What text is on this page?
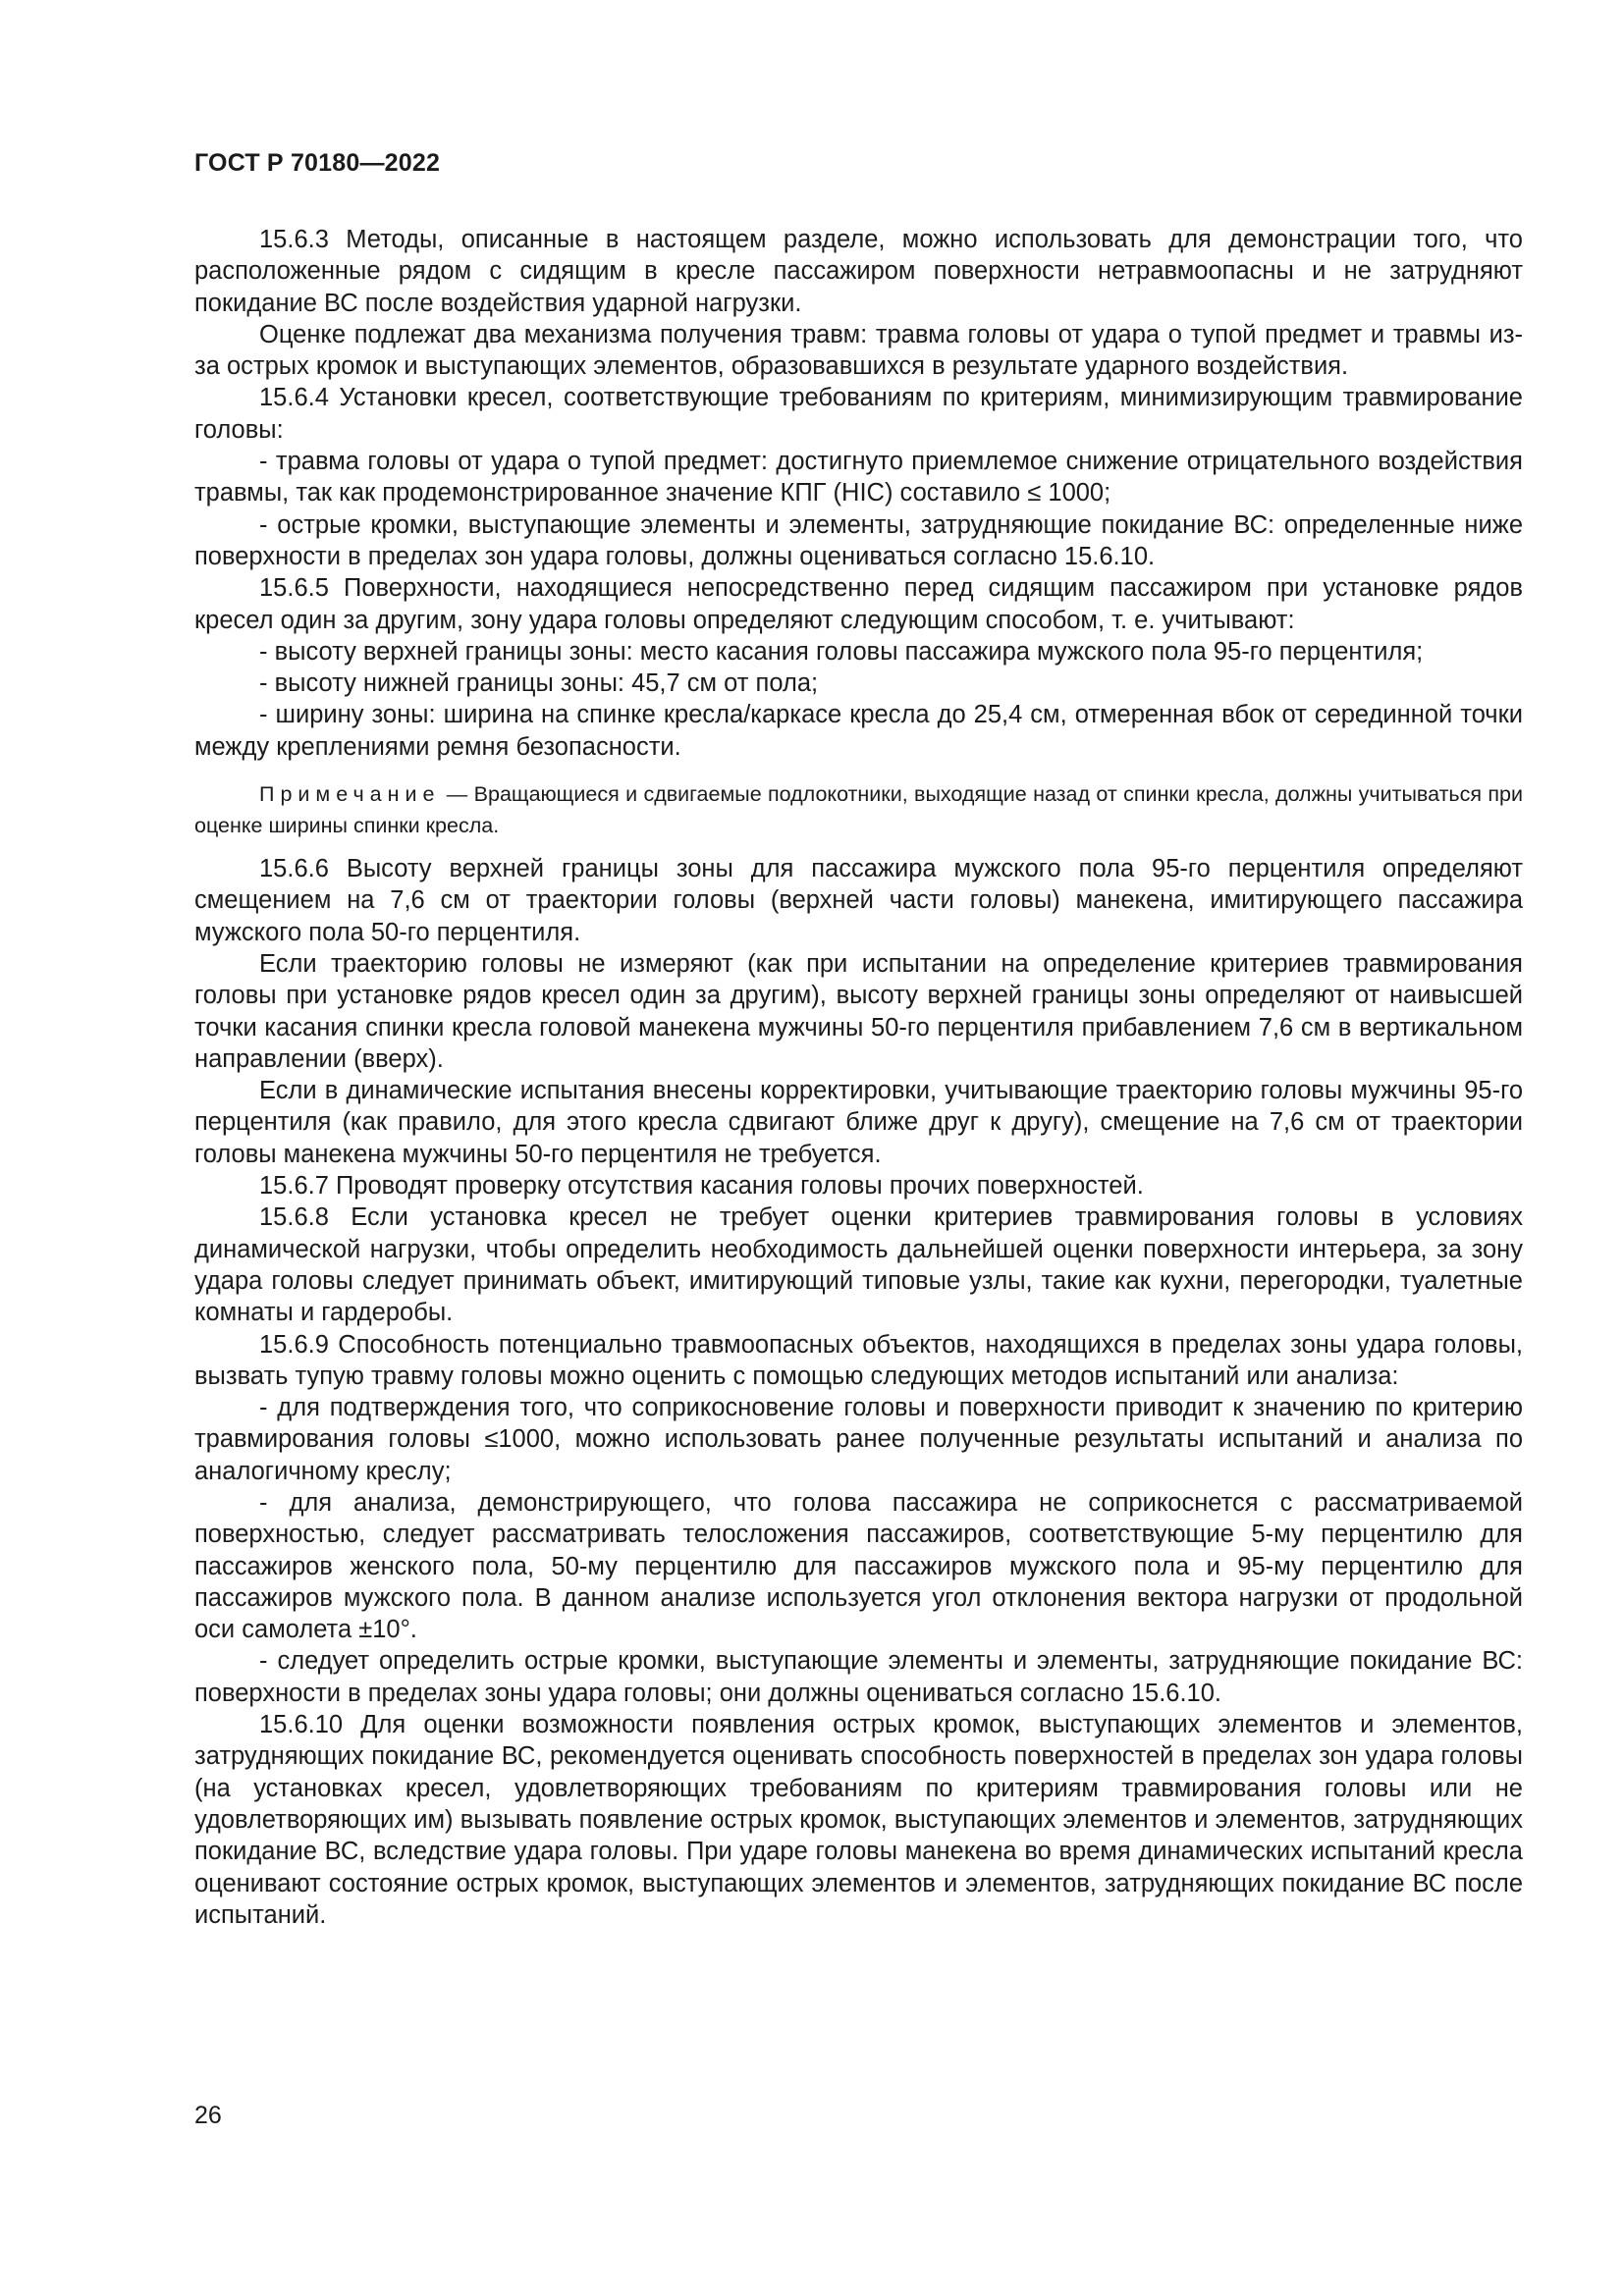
ГОСТ Р 70180—2022

15.6.3 Методы, описанные в настоящем разделе, можно использовать для демонстрации того, что расположенные рядом с сидящим в кресле пассажиром поверхности нетравмоопасны и не затрудняют покидание ВС после воздействия ударной нагрузки.

Оценке подлежат два механизма получения травм: травма головы от удара о тупой предмет и травмы из-за острых кромок и выступающих элементов, образовавшихся в результате ударного воздействия.

15.6.4 Установки кресел, соответствующие требованиям по критериям, минимизирующим травмирование головы:

- травма головы от удара о тупой предмет: достигнуто приемлемое снижение отрицательного воздействия травмы, так как продемонстрированное значение КПГ (HIC) составило ≤ 1000;

- острые кромки, выступающие элементы и элементы, затрудняющие покидание ВС: определенные ниже поверхности в пределах зон удара головы, должны оцениваться согласно 15.6.10.

15.6.5 Поверхности, находящиеся непосредственно перед сидящим пассажиром при установке рядов кресел один за другим, зону удара головы определяют следующим способом, т. е. учитывают:

- высоту верхней границы зоны: место касания головы пассажира мужского пола 95-го перцентиля;

- высоту нижней границы зоны: 45,7 см от пола;

- ширину зоны: ширина на спинке кресла/каркасе кресла до 25,4 см, отмеренная вбок от серединной точки между креплениями ремня безопасности.

Примечание — Вращающиеся и сдвигаемые подлокотники, выходящие назад от спинки кресла, должны учитываться при оценке ширины спинки кресла.

15.6.6 Высоту верхней границы зоны для пассажира мужского пола 95-го перцентиля определяют смещением на 7,6 см от траектории головы (верхней части головы) манекена, имитирующего пассажира мужского пола 50-го перцентиля.

Если траекторию головы не измеряют (как при испытании на определение критериев травмирования головы при установке рядов кресел один за другим), высоту верхней границы зоны определяют от наивысшей точки касания спинки кресла головой манекена мужчины 50-го перцентиля прибавлением 7,6 см в вертикальном направлении (вверх).

Если в динамические испытания внесены корректировки, учитывающие траекторию головы мужчины 95-го перцентиля (как правило, для этого кресла сдвигают ближе друг к другу), смещение на 7,6 см от траектории головы манекена мужчины 50-го перцентиля не требуется.

15.6.7 Проводят проверку отсутствия касания головы прочих поверхностей.

15.6.8 Если установка кресел не требует оценки критериев травмирования головы в условиях динамической нагрузки, чтобы определить необходимость дальнейшей оценки поверхности интерьера, за зону удара головы следует принимать объект, имитирующий типовые узлы, такие как кухни, перегородки, туалетные комнаты и гардеробы.

15.6.9 Способность потенциально травмоопасных объектов, находящихся в пределах зоны удара головы, вызвать тупую травму головы можно оценить с помощью следующих методов испытаний или анализа:

- для подтверждения того, что соприкосновение головы и поверхности приводит к значению по критерию травмирования головы ≤1000, можно использовать ранее полученные результаты испытаний и анализа по аналогичному креслу;

- для анализа, демонстрирующего, что голова пассажира не соприкоснется с рассматриваемой поверхностью, следует рассматривать телосложения пассажиров, соответствующие 5-му перцентилю для пассажиров женского пола, 50-му перцентилю для пассажиров мужского пола и 95-му перцентилю для пассажиров мужского пола. В данном анализе используется угол отклонения вектора нагрузки от продольной оси самолета ±10°.

- следует определить острые кромки, выступающие элементы и элементы, затрудняющие покидание ВС: поверхности в пределах зоны удара головы; они должны оцениваться согласно 15.6.10.

15.6.10 Для оценки возможности появления острых кромок, выступающих элементов и элементов, затрудняющих покидание ВС, рекомендуется оценивать способность поверхностей в пределах зон удара головы (на установках кресел, удовлетворяющих требованиям по критериям травмирования головы или не удовлетворяющих им) вызывать появление острых кромок, выступающих элементов и элементов, затрудняющих покидание ВС, вследствие удара головы. При ударе головы манекена во время динамических испытаний кресла оценивают состояние острых кромок, выступающих элементов и элементов, затрудняющих покидание ВС после испытаний.

26
